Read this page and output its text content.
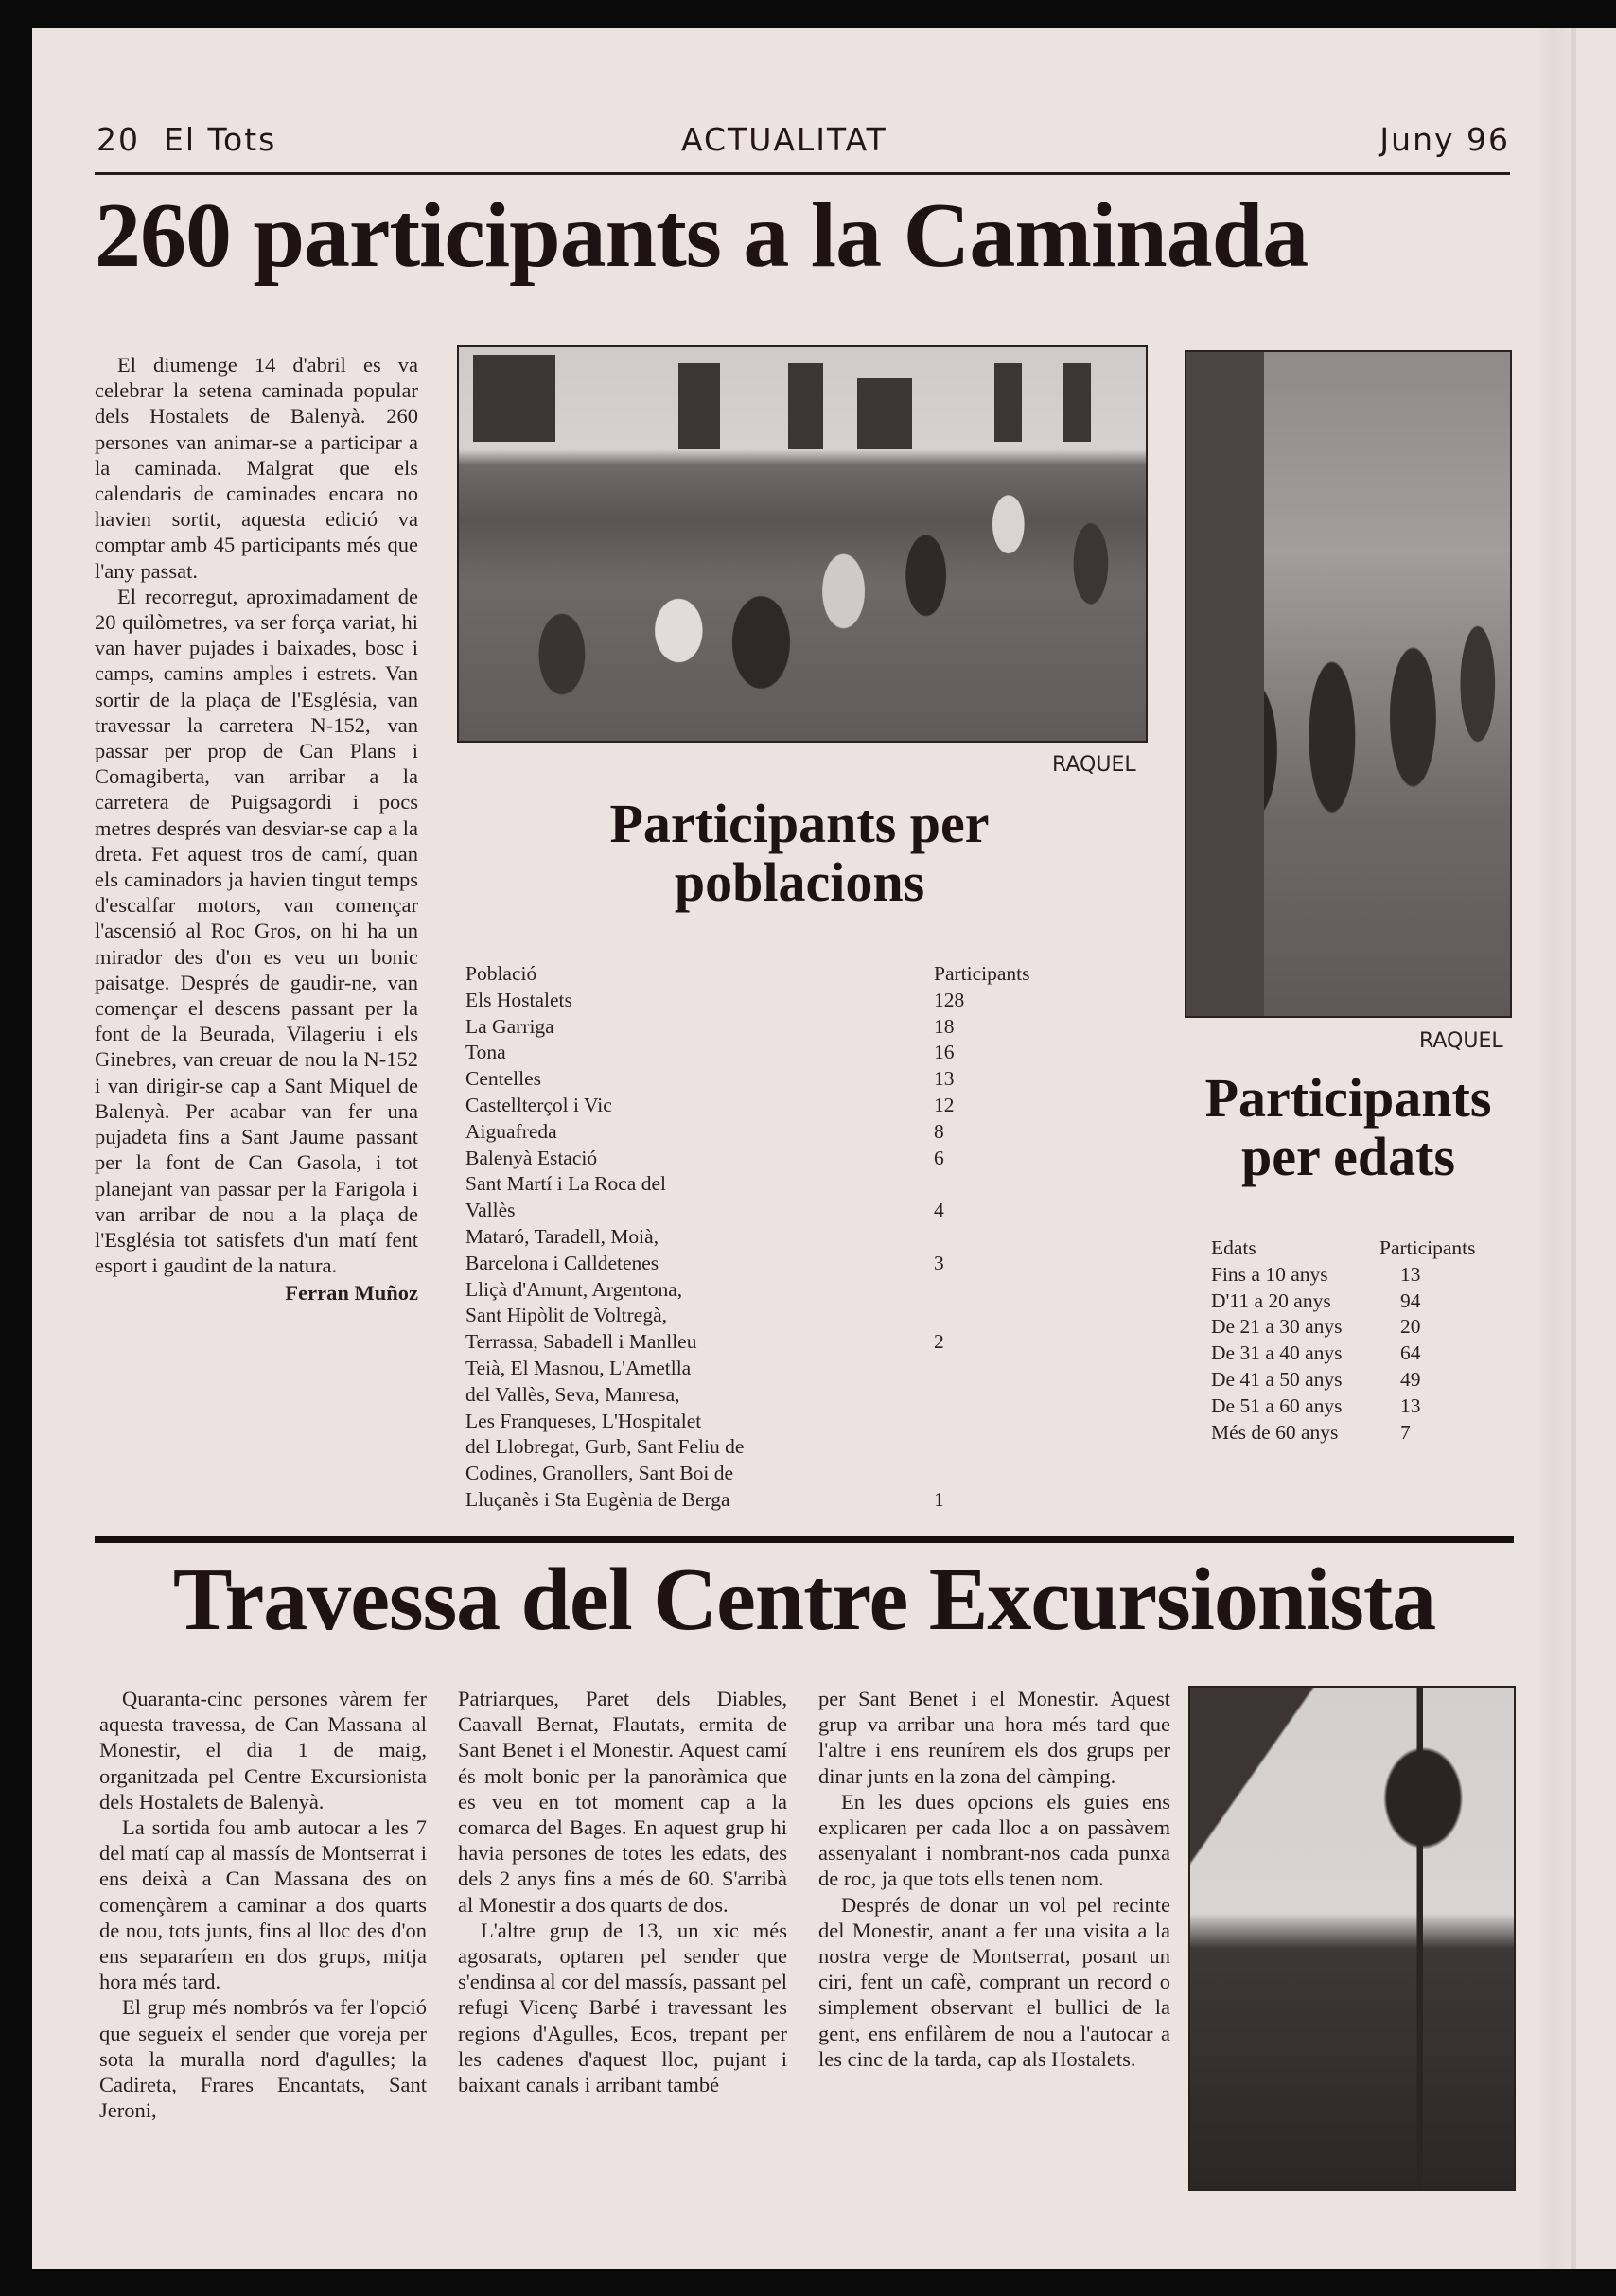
20 El Tots	ACTUALITAT	Juny 96
260 participants a la Caminada

El diumenge 14 d'abril es va celebrar la setena caminada popular dels Hostalets de Balenyà. 260 persones van animar-se a participar a la caminada. Malgrat que els calendaris de caminades encara no havien sortit, aquesta edició va comptar amb 45 participants més que l'any passat.

El recorregut, aproximadament de 20 quilòmetres, va ser força variat, hi van haver pujades i baixades, bosc i camps, camins amples i estrets. Van sortir de la plaça de l'Església, van travessar la carretera N-152, van passar per prop de Can Plans i Comagiberta, van arribar a la carretera de Puigsagordi i pocs metres després van desviar-se cap a la dreta. Fet aquest tros de camí, quan els caminadors ja havien tingut temps d'escalfar motors, van començar l'ascensió al Roc Gros, on hi ha un mirador des d'on es veu un bonic paisatge. Després de gaudir-ne, van començar el descens passant per la font de la Beurada, Vilageriu i els Ginebres, van creuar de nou la N-152 i van dirigir-se cap a Sant Miquel de Balenyà. Per acabar van fer una pujadeta fins a Sant Jaume passant per la font de Can Gasola, i tot planejant van passar per la Farigola i van arribar de nou a la plaça de l'Església tot satisfets d'un matí fent esport i gaudint de la natura.

Ferran Muñoz
RAQUEL
RAQUEL
Participants per poblacions
Població	Participants
Els Hostalets	128
La Garriga	18
Tona	16
Centelles	13
Castellterçol i Vic	12
Aiguafreda	8
Balenyà Estació	6
Sant Martí i La Roca del
Vallès	4
Mataró, Taradell, Moià,
Barcelona i Calldetenes	3
Lliçà d'Amunt, Argentona,
Sant Hipòlit de Voltregà,
Terrassa, Sabadell i Manlleu	2
Teià, El Masnou, L'Ametlla
del Vallès, Seva, Manresa,
Les Franqueses, L'Hospitalet
del Llobregat, Gurb, Sant Feliu de
Codines, Granollers, Sant Boi de
Lluçanès i Sta Eugènia de Berga	1
Participants per edats
Edats	Participants
Fins a 10 anys	13
D'11 a 20 anys	94
De 21 a 30 anys	20
De 31 a 40 anys	64
De 41 a 50 anys	49
De 51 a 60 anys	13
Més de 60 anys	7
Travessa del Centre Excursionista

Quaranta-cinc persones vàrem fer aquesta travessa, de Can Massana al Monestir, el dia 1 de maig, organitzada pel Centre Excursionista dels Hostalets de Balenyà.

La sortida fou amb autocar a les 7 del matí cap al massís de Montserrat i ens deixà a Can Massana des on començàrem a caminar a dos quarts de nou, tots junts, fins al lloc des d'on ens separaríem en dos grups, mitja hora més tard.

El grup més nombrós va fer l'opció que segueix el sender que voreja per sota la muralla nord d'agulles; la Cadireta, Frares Encantats, Sant Jeroni,

Patriarques, Paret dels Diables, Caavall Bernat, Flautats, ermita de Sant Benet i el Monestir. Aquest camí és molt bonic per la panoràmica que es veu en tot moment cap a la comarca del Bages. En aquest grup hi havia persones de totes les edats, des dels 2 anys fins a més de 60. S'arribà al Monestir a dos quarts de dos.

L'altre grup de 13, un xic més agosarats, optaren pel sender que s'endinsa al cor del massís, passant pel refugi Vicenç Barbé i travessant les regions d'Agulles, Ecos, trepant per les cadenes d'aquest lloc, pujant i baixant canals i arribant també

per Sant Benet i el Monestir. Aquest grup va arribar una hora més tard que l'altre i ens reunírem els dos grups per dinar junts en la zona del càmping.

En les dues opcions els guies ens explicaren per cada lloc a on passàvem assenyalant i nombrant-nos cada punxa de roc, ja que tots ells tenen nom.

Després de donar un vol pel recinte del Monestir, anant a fer una visita a la nostra verge de Montserrat, posant un ciri, fent un cafè, comprant un record o simplement observant el bullici de la gent, ens enfilàrem de nou a l'autocar a les cinc de la tarda, cap als Hostalets.
